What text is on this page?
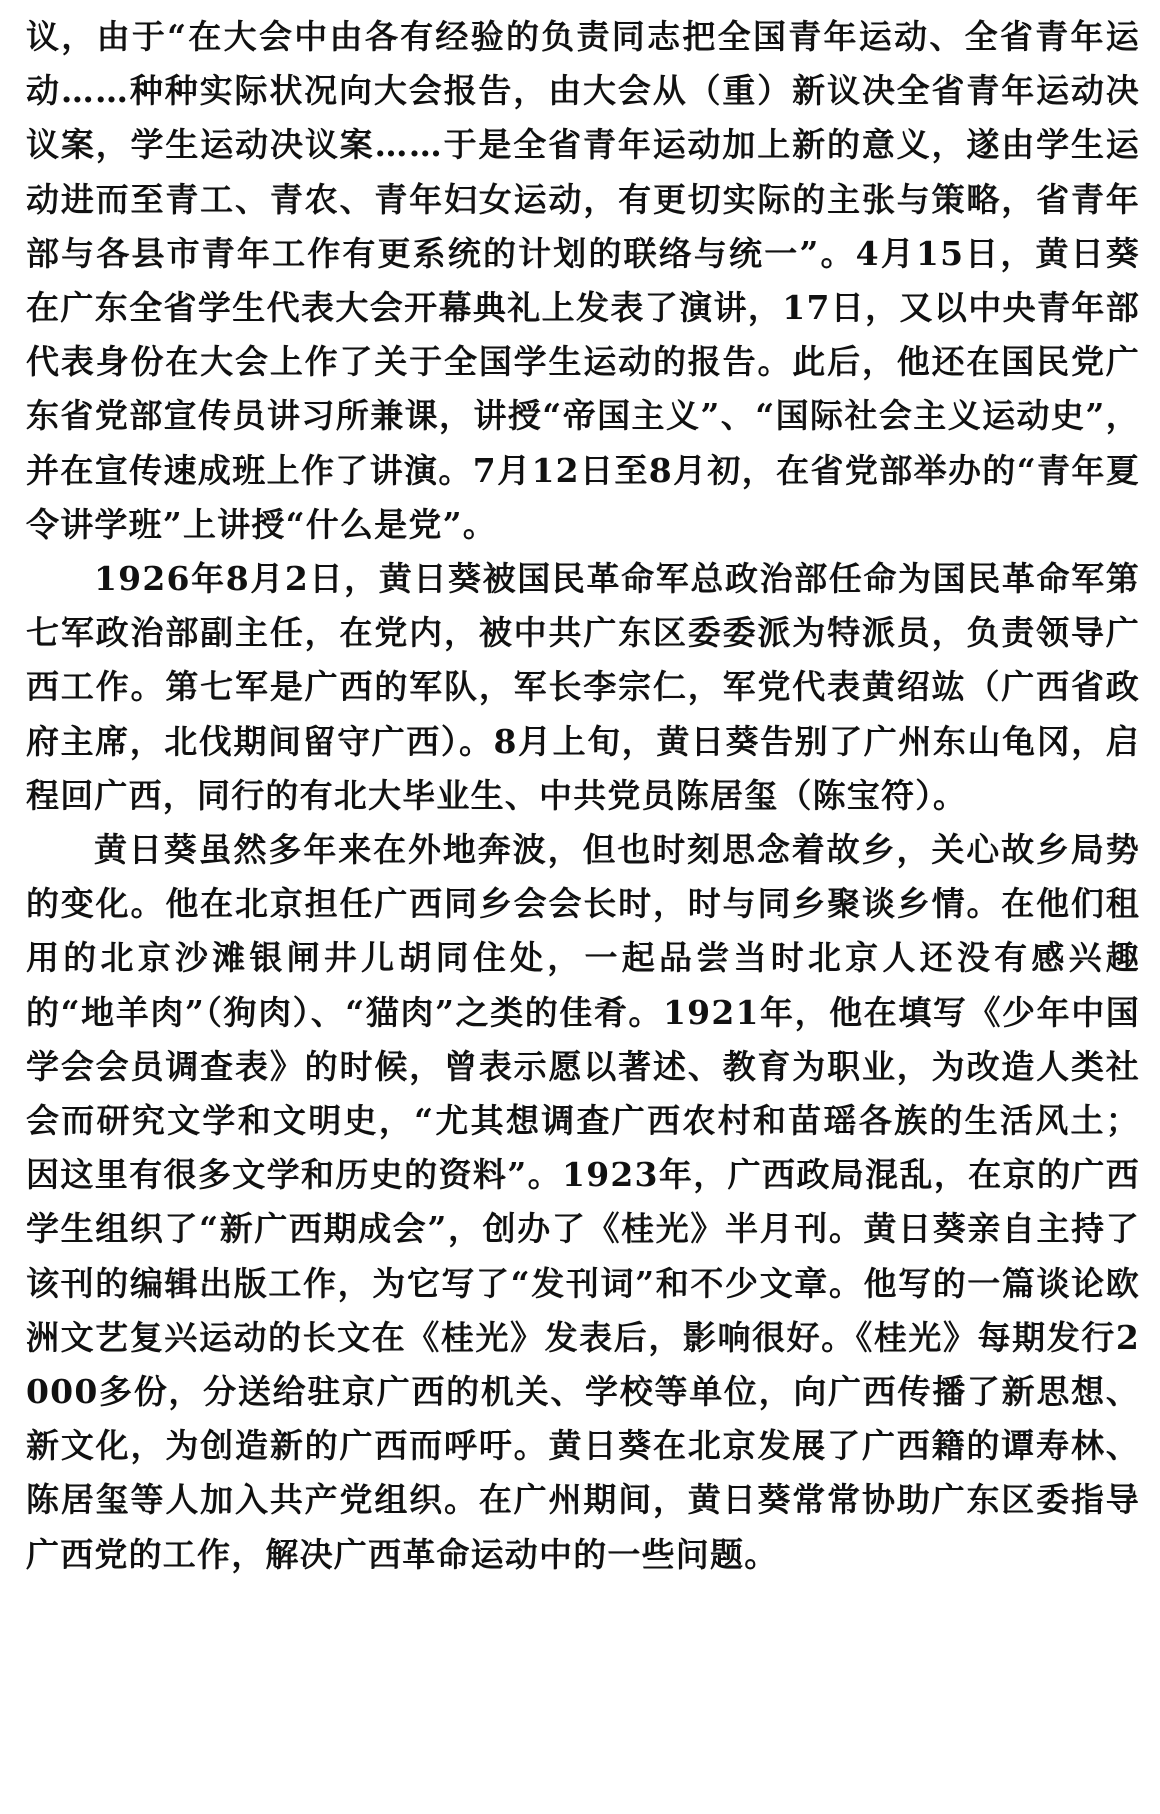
议，由于“在大会中由各有经验的负责同志把全国青年运动、全省青年运动……种种实际状况向大会报告，由大会从（重）新议决全省青年运动决议案，学生运动决议案……于是全省青年运动加上新的意义，遂由学生运动进而至青工、青农、青年妇女运动，有更切实际的主张与策略，省青年部与各县市青年工作有更系统的计划的联络与统一”。4月15日，黄日葵在广东全省学生代表大会开幕典礼上发表了演讲，17日，又以中央青年部代表身份在大会上作了关于全国学生运动的报告。此后，他还在国民党广东省党部宣传员讲习所兼课，讲授“帝国主义”、“国际社会主义运动史”，并在宣传速成班上作了讲演。7月12日至8月初，在省党部举办的“青年夏令讲学班”上讲授“什么是党”。

1926年8月2日，黄日葵被国民革命军总政治部任命为国民革命军第七军政治部副主任，在党内，被中共广东区委委派为特派员，负责领导广西工作。第七军是广西的军队，军长李宗仁，军党代表黄绍竑（广西省政府主席，北伐期间留守广西）。8月上旬，黄日葵告别了广州东山龟冈，启程回广西，同行的有北大毕业生、中共党员陈居玺（陈宝符）。

黄日葵虽然多年来在外地奔波，但也时刻思念着故乡，关心故乡局势的变化。他在北京担任广西同乡会会长时，时与同乡聚谈乡情。在他们租用的北京沙滩银闸井儿胡同住处，一起品尝当时北京人还没有感兴趣的“地羊肉”（狗肉）、“猫肉”之类的佳肴。1921年，他在填写《少年中国学会会员调查表》的时候，曾表示愿以著述、教育为职业，为改造人类社会而研究文学和文明史，“尤其想调查广西农村和苗瑶各族的生活风土；因这里有很多文学和历史的资料”。1923年，广西政局混乱，在京的广西学生组织了“新广西期成会”，创办了《桂光》半月刊。黄日葵亲自主持了该刊的编辑出版工作，为它写了“发刊词”和不少文章。他写的一篇谈论欧洲文艺复兴运动的长文在《桂光》发表后，影响很好。《桂光》每期发行2000多份，分送给驻京广西的机关、学校等单位，向广西传播了新思想、新文化，为创造新的广西而呼吁。黄日葵在北京发展了广西籍的谭寿林、陈居玺等人加入共产党组织。在广州期间，黄日葵常常协助广东区委指导广西党的工作，解决广西革命运动中的一些问题。
